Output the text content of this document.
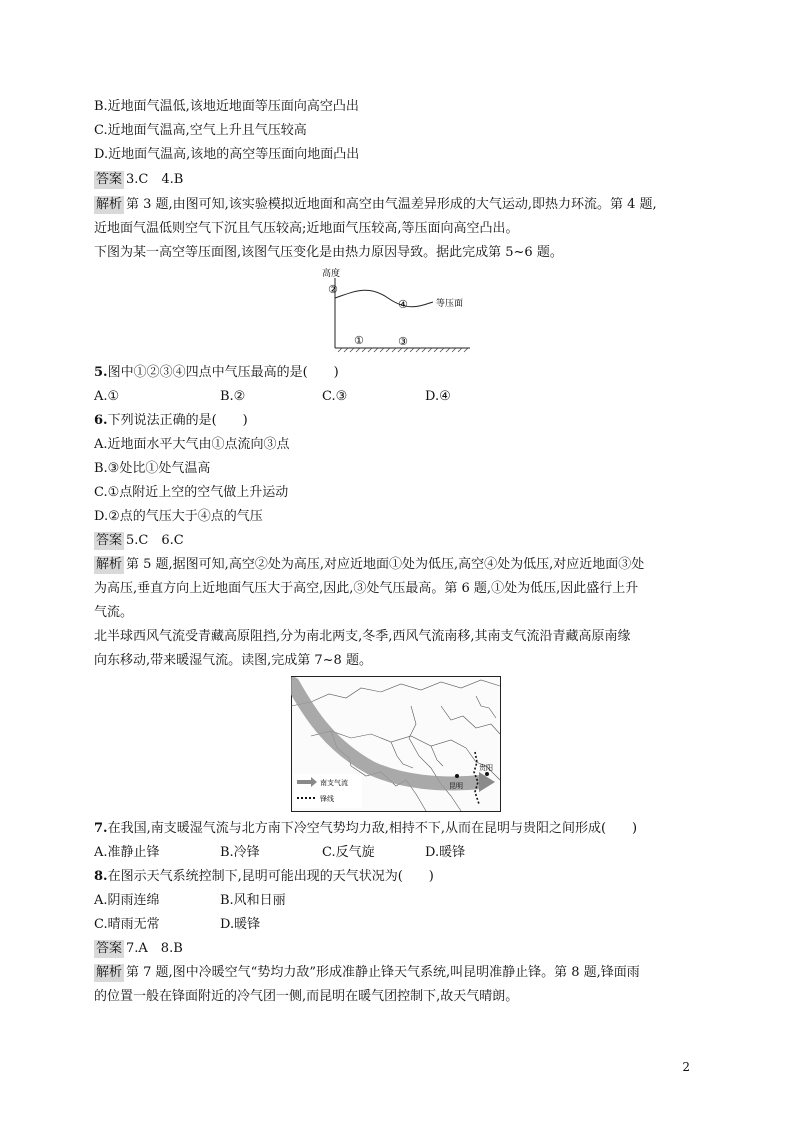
B.近地面气温低,该地近地面等压面向高空凸出
C.近地面气温高,空气上升且气压较高
D.近地面气温高,该地的高空等压面向地面凸出
答案 3.C　4.B
解析 第 3 题,由图可知,该实验模拟近地面和高空由气温差异形成的大气运动,即热力环流。第 4 题,
近地面气温低则空气下沉且气压较高;近地面气压较高,等压面向高空凸出。
下图为某一高空等压面图,该图气压变化是由热力原因导致。据此完成第 5~6 题。
高度
等压面
②
④
①	③
5.图中①②③④四点中气压最高的是(　　)
A.①	B.②	C.③	D.④
6.下列说法正确的是(　　)
A.近地面水平大气由①点流向③点
B.③处比①处气温高
C.①点附近上空的空气做上升运动
D.②点的气压大于④点的气压
答案 5.C　6.C
解析 第 5 题,据图可知,高空②处为高压,对应近地面①处为低压,高空④处为低压,对应近地面③处
为高压,垂直方向上近地面气压大于高空,因此,③处气压最高。第 6 题,①处为低压,因此盛行上升
气流。
北半球西风气流受青藏高原阻挡,分为南北两支,冬季,西风气流南移,其南支气流沿青藏高原南缘
向东移动,带来暖湿气流。读图,完成第 7~8 题。
昆明
贵阳
南支气流
锋线
7.在我国,南支暖湿气流与北方南下冷空气势均力敌,相持不下,从而在昆明与贵阳之间形成(　　)
A.准静止锋	B.冷锋	C.反气旋	D.暖锋
8.在图示天气系统控制下,昆明可能出现的天气状况为(　　)
A.阴雨连绵	B.风和日丽
C.晴雨无常	D.暖锋
答案 7.A　8.B
解析 第 7 题,图中冷暖空气“势均力敌”形成准静止锋天气系统,叫昆明准静止锋。第 8 题,锋面雨
的位置一般在锋面附近的冷气团一侧,而昆明在暖气团控制下,故天气晴朗。
2
